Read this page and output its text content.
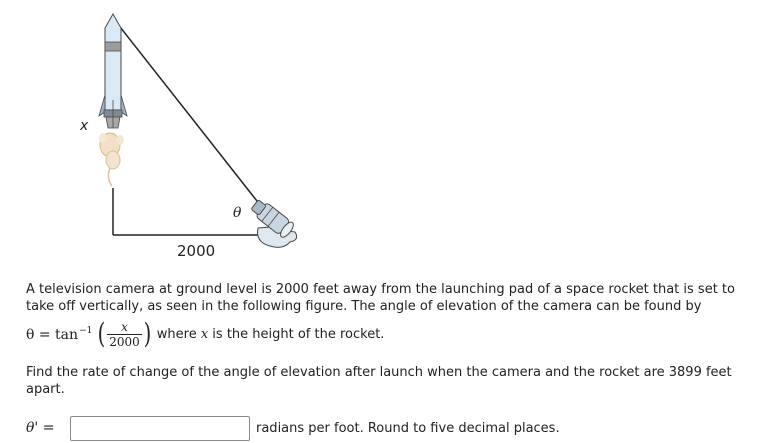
x
θ
2000

A television camera at ground level is 2000 feet away from the launching pad of a space rocket that is set to take off vertically, as seen in the following figure. The angle of elevation of the camera can be found by

$\theta = \tan^{-1}$ ( $\frac{x}{2000}$ ) where x is the height of the rocket.
Find the rate of change of the angle of elevation after launch when the camera and the rocket are 3899 feet apart.
θ' =	radians per foot. Round to five decimal places.
